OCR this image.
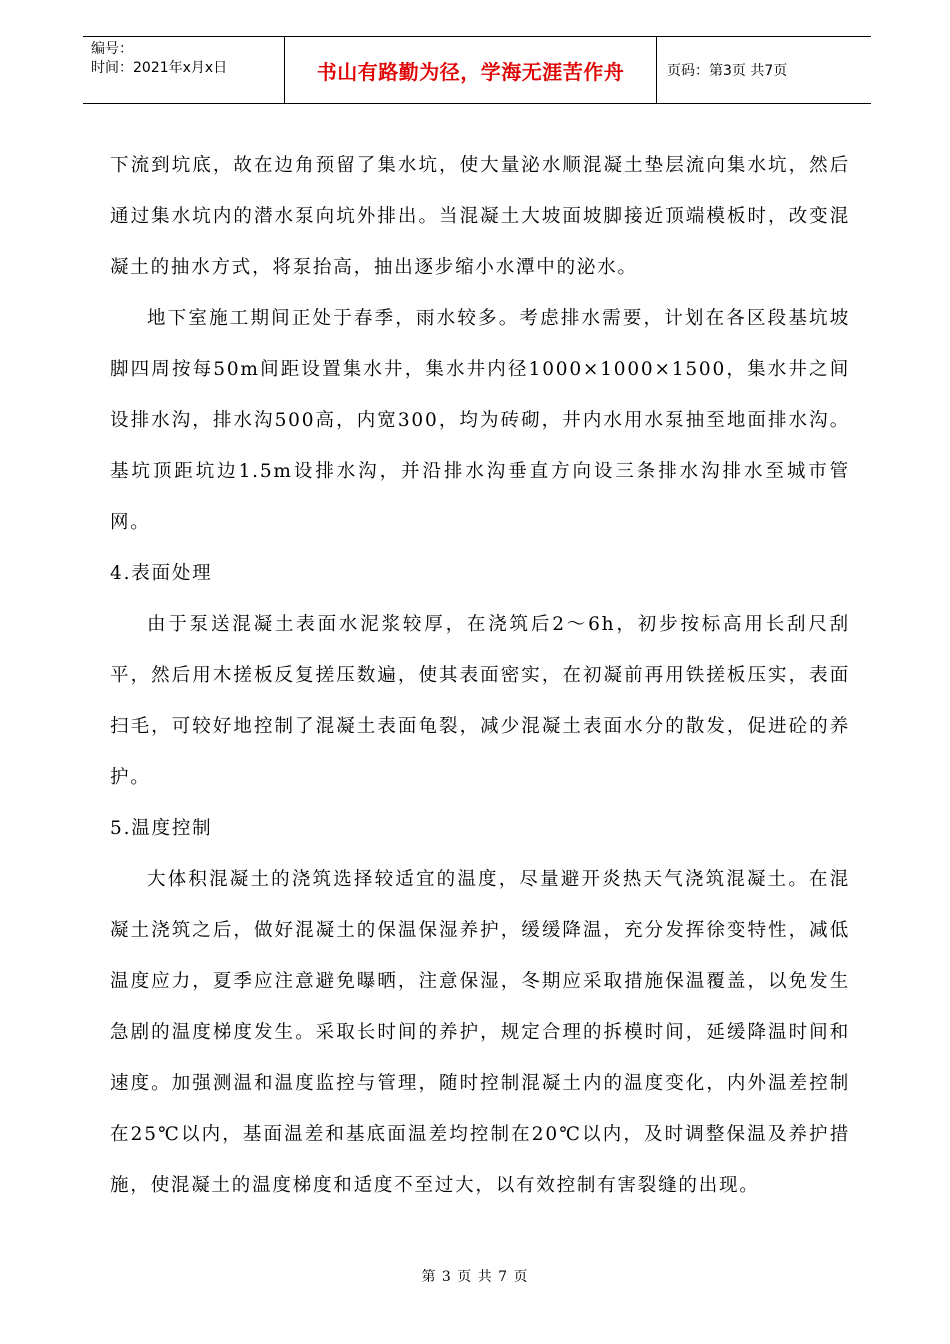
编号：
时间：2021年x月x日	书山有路勤为径，学海无涯苦作舟	页码：第3页 共7页

下流到坑底，故在边角预留了集水坑，使大量泌水顺混凝土垫层流向集水坑，然后通过集水坑内的潜水泵向坑外排出。当混凝土大坡面坡脚接近顶端模板时，改变混凝土的抽水方式，将泵抬高，抽出逐步缩小水潭中的泌水。

地下室施工期间正处于春季，雨水较多。考虑排水需要，计划在各区段基坑坡脚四周按每50m间距设置集水井，集水井内径1000×1000×1500，集水井之间设排水沟，排水沟500高，内宽300，均为砖砌，井内水用水泵抽至地面排水沟。基坑顶距坑边1.5m设排水沟，并沿排水沟垂直方向设三条排水沟排水至城市管网。

4.表面处理

由于泵送混凝土表面水泥浆较厚，在浇筑后2～6h，初步按标高用长刮尺刮平，然后用木搓板反复搓压数遍，使其表面密实，在初凝前再用铁搓板压实，表面扫毛，可较好地控制了混凝土表面龟裂，减少混凝土表面水分的散发，促进砼的养护。

5.温度控制

大体积混凝土的浇筑选择较适宜的温度，尽量避开炎热天气浇筑混凝土。在混凝土浇筑之后，做好混凝土的保温保湿养护，缓缓降温，充分发挥徐变特性，减低温度应力，夏季应注意避免曝晒，注意保湿，冬期应采取措施保温覆盖，以免发生急剧的温度梯度发生。采取长时间的养护，规定合理的拆模时间，延缓降温时间和速度。加强测温和温度监控与管理，随时控制混凝土内的温度变化，内外温差控制在25℃以内，基面温差和基底面温差均控制在20℃以内，及时调整保温及养护措施，使混凝土的温度梯度和适度不至过大，以有效控制有害裂缝的出现。

第 3 页 共 7 页
